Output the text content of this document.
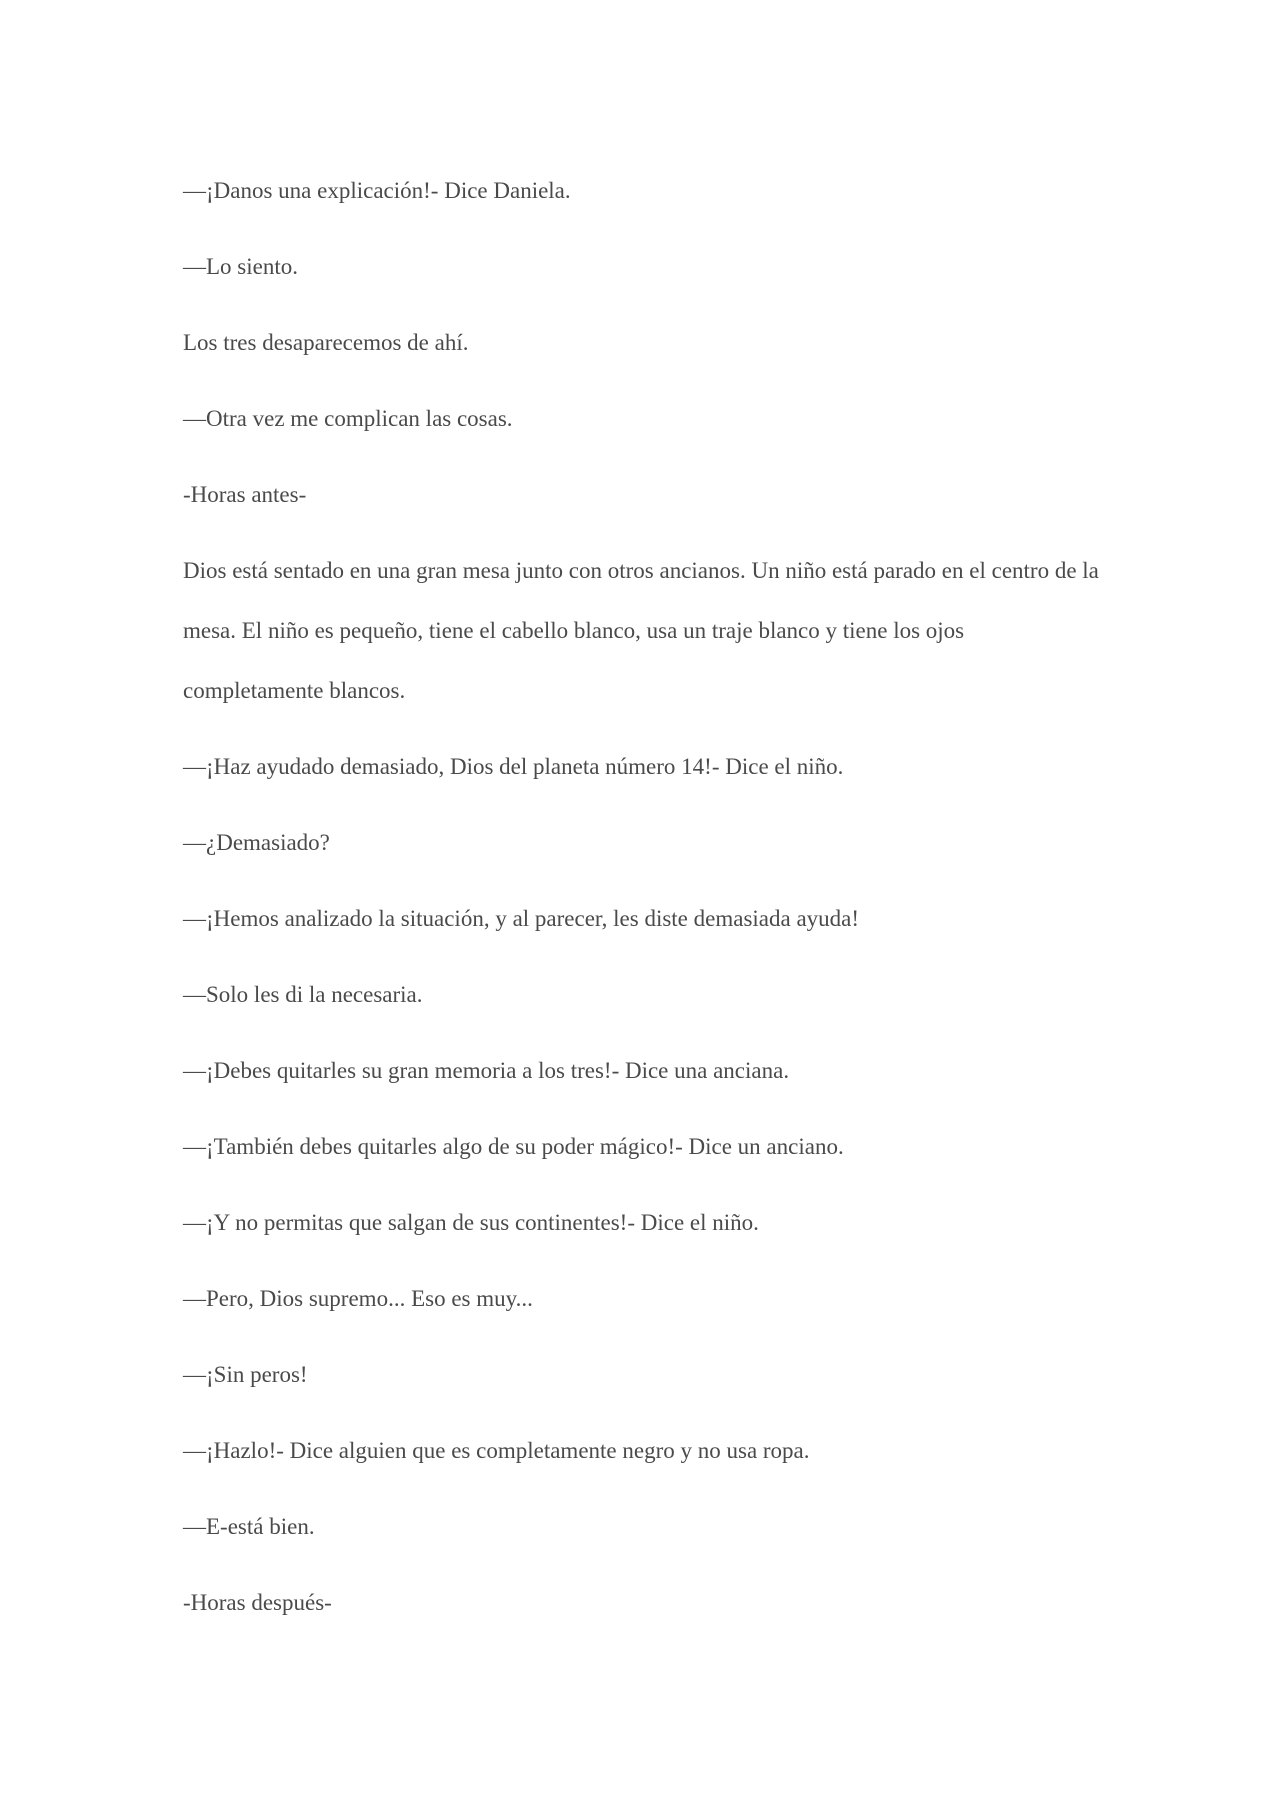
—¡Danos una explicación!- Dice Daniela.

—Lo siento.

Los tres desaparecemos de ahí.

—Otra vez me complican las cosas.

-Horas antes-

Dios está sentado en una gran mesa junto con otros ancianos. Un niño está parado en el centro de la mesa. El niño es pequeño, tiene el cabello blanco, usa un traje blanco y tiene los ojos completamente blancos.

—¡Haz ayudado demasiado, Dios del planeta número 14!- Dice el niño.

—¿Demasiado?

—¡Hemos analizado la situación, y al parecer, les diste demasiada ayuda!

—Solo les di la necesaria.

—¡Debes quitarles su gran memoria a los tres!- Dice una anciana.

—¡También debes quitarles algo de su poder mágico!- Dice un anciano.

—¡Y no permitas que salgan de sus continentes!- Dice el niño.

—Pero, Dios supremo... Eso es muy...

—¡Sin peros!

—¡Hazlo!- Dice alguien que es completamente negro y no usa ropa.

—E-está bien.

-Horas después-
